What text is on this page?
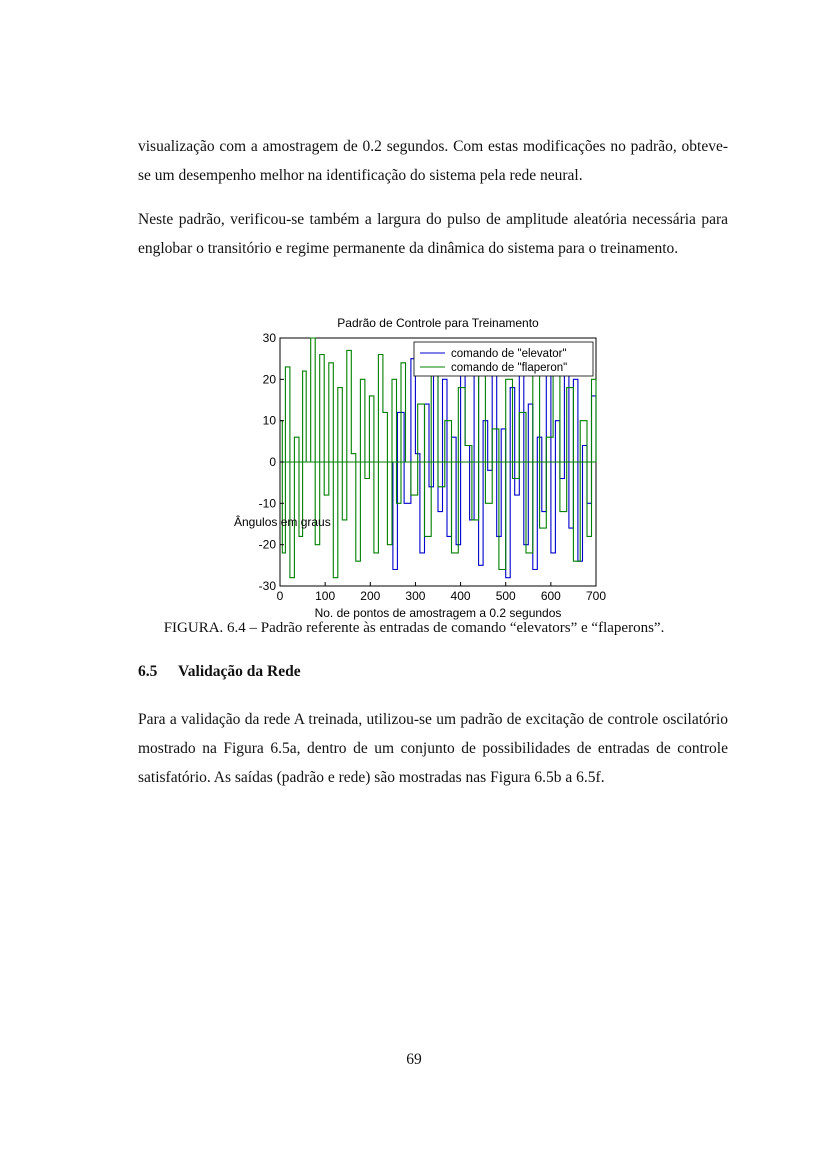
visualização com a amostragem de 0.2 segundos. Com estas modificações no padrão, obteve-se um desempenho melhor na identificação do sistema pela rede neural.

Neste padrão, verificou-se também a largura do pulso de amplitude aleatória necessária para englobar o transitório e regime permanente da dinâmica do sistema para o treinamento.

0	100 200 300 400 500 600 700
30
20
10
0
-10
-20
-30
Padrão de Controle para Treinamento
No. de pontos de amostragem a 0.2 segundos
Ângulos em graus
comando de "elevator"
comando de "flaperon"

FIGURA. 6.4 – Padrão referente às entradas de comando “elevators” e “flaperons”.

6.5 Validação da Rede

Para a validação da rede A treinada, utilizou-se um padrão de excitação de controle oscilatório mostrado na Figura 6.5a, dentro de um conjunto de possibilidades de entradas de controle satisfatório. As saídas (padrão e rede) são mostradas nas Figura 6.5b a 6.5f.

69
